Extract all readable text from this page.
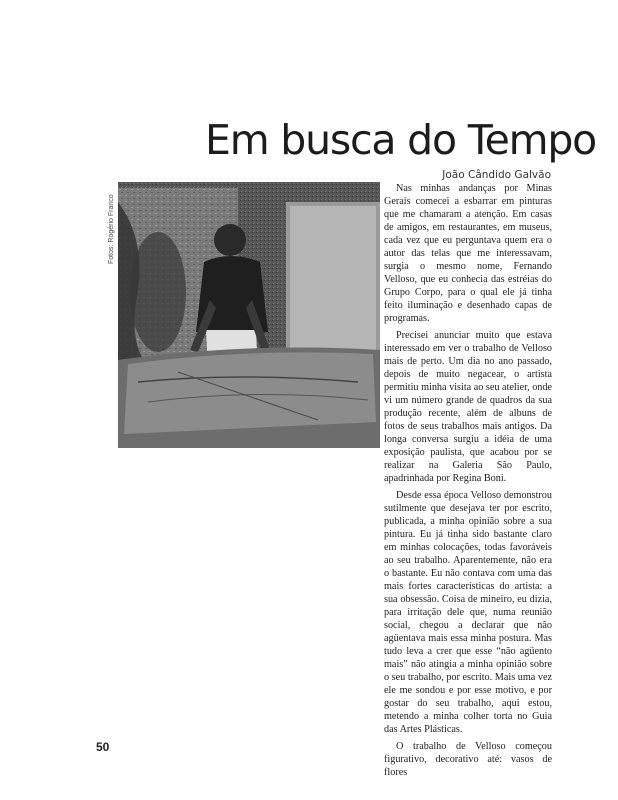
Em busca do Tempo
João Cândido Galvão
Fotos: Rogério Franco

Nas minhas andanças por Minas Gerais comecei a esbarrar em pinturas que me chamaram a atenção. Em casas de amigos, em restaurantes, em museus, cada vez que eu perguntava quem era o autor das telas que me interessavam, surgia o mesmo nome, Fernando Velloso, que eu conhecia das estréias do Grupo Corpo, para o qual ele já tinha feito iluminação e desenhado capas de programas.

Precisei anunciar muito que estava interessado em ver o trabalho de Velloso mais de perto. Um dia no ano passado, depois de muito negacear, o artista permitiu minha visita ao seu atelier, onde vi um número grande de quadros da sua produção recente, além de albuns de fotos de seus trabalhos mais antigos. Da longa conversa surgiu a idéia de uma exposição paulista, que acabou por se realizar na Galeria São Paulo, apadrinhada por Regina Boni.

Desde essa época Velloso demonstrou sutilmente que desejava ter por escrito, publicada, a minha opinião sobre a sua pintura. Eu já tinha sido bastante claro em minhas colocações, todas favoráveis ao seu trabalho. Aparentemente, não era o bastante. Eu não contava com uma das mais fortes características do artista: a sua obsessão. Coisa de mineiro, eu dizia, para irritação dele que, numa reunião social, chegou a declarar que não agüentava mais essa minha postura. Mas tudo leva a crer que esse “não agüento mais” não atingia a minha opinião sobre o seu trabalho, por escrito. Mais uma vez ele me sondou e por esse motivo, e por gostar do seu trabalho, aqui estou, metendo a minha colher torta no Guia das Artes Plásticas.

O trabalho de Velloso começou figurativo, decorativo até: vasos de flores

50
